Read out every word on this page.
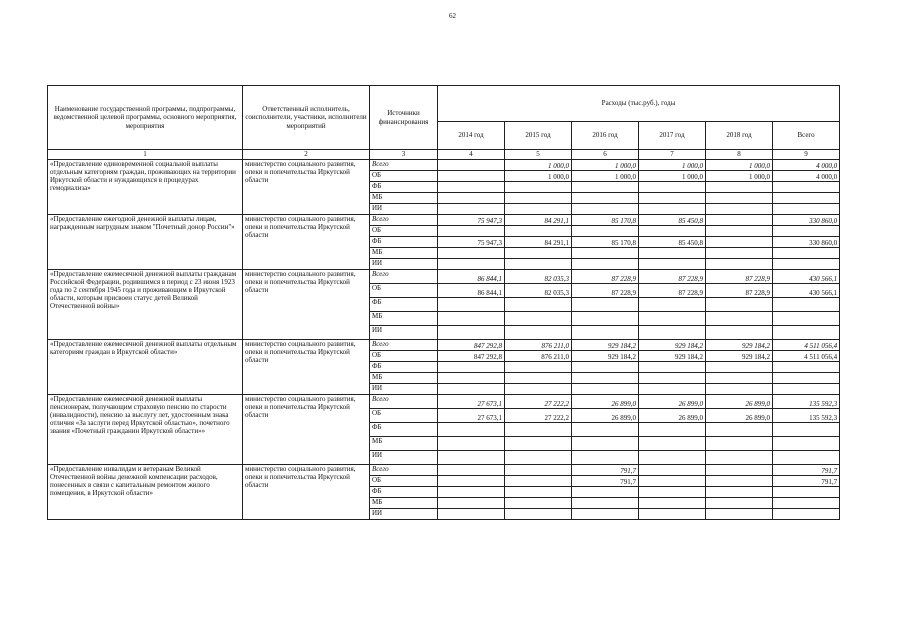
62
Наименование государственной программы, подпрограммы, ведомственной целевой программы, основного мероприятия, мероприятия	Ответственный исполнитель, соисполнители, участники, исполнители мероприятий	Источники финансирования	Расходы (тыс.руб.), годы					
			2014 год	2015 год	2016 год	2017 год	2018 год	Всего
1	2	3	4	5	6	7	8	9
«Предоставление единовременной социальной выплаты отдельным категориям граждан, проживающих на территории Иркутской области и нуждающихся в процедурах гемодиализа»	министерство социального развития, опеки и попечительства Иркутской области	Всего		1 000,0	1 000,0	1 000,0	1 000,0	4 000,0
		ОБ		1 000,0	1 000,0	1 000,0	1 000,0	4 000,0
		ФБ						
		МБ						
		ИИ						
«Предоставление ежегодной денежной выплаты лицам, награжденным нагрудным знаком "Почетный донор России"»	министерство социального развития, опеки и попечительства Иркутской области	Всего	75 947,3	84 291,1	85 170,8	85 450,8		330 860,0
		ОБ						
		ФБ	75 947,3	84 291,1	85 170,8	85 450,8		330 860,0
		МБ						
		ИИ						
«Предоставление ежемесячной денежной выплаты гражданам Российской Федерации, родившимся в период с 23 июня 1923 года по 2 сентября 1945 года и проживающим в Иркутской области, которым присвоен статус детей Великой Отечественной войны»	министерство социального развития, опеки и попечительства Иркутской области	Всего	86 844,1	82 035,3	87 228,9	87 228,9	87 228,9	430 566,1
		ОБ	86 844,1	82 035,3	87 228,9	87 228,9	87 228,9	430 566,1
		ФБ						
		МБ						
		ИИ						
«Предоставление ежемесячной денежной выплаты отдельным категориям граждан в Иркутской области»	министерство социального развития, опеки и попечительства Иркутской области	Всего	847 292,8	876 211,0	929 184,2	929 184,2	929 184,2	4 511 056,4
		ОБ	847 292,8	876 211,0	929 184,2	929 184,2	929 184,2	4 511 056,4
		ФБ						
		МБ						
		ИИ						
«Предоставление ежемесячной денежной выплаты пенсионерам, получающим страховую пенсию по старости (инвалидности), пенсию за выслугу лет, удостоенным знака отличия «За заслуги перед Иркутской областью», почетного звания «Почетный гражданин Иркутской области»»	министерство социального развития, опеки и попечительства Иркутской области	Всего	27 673,1	27 222,2	26 899,0	26 899,0	26 899,0	135 592,3
		ОБ	27 673,1	27 222,2	26 899,0	26 899,0	26 899,0	135 592,3
		ФБ						
		МБ						
		ИИ						
«Предоставление инвалидам и ветеранам Великой Отечественной войны денежной компенсации расходов, понесенных в связи с капитальным ремонтом жилого помещения, в Иркутской области»	министерство социального развития, опеки и попечительства Иркутской области	Всего			791,7			791,7
		ОБ			791,7			791,7
		ФБ						
		МБ						
		ИИ						
